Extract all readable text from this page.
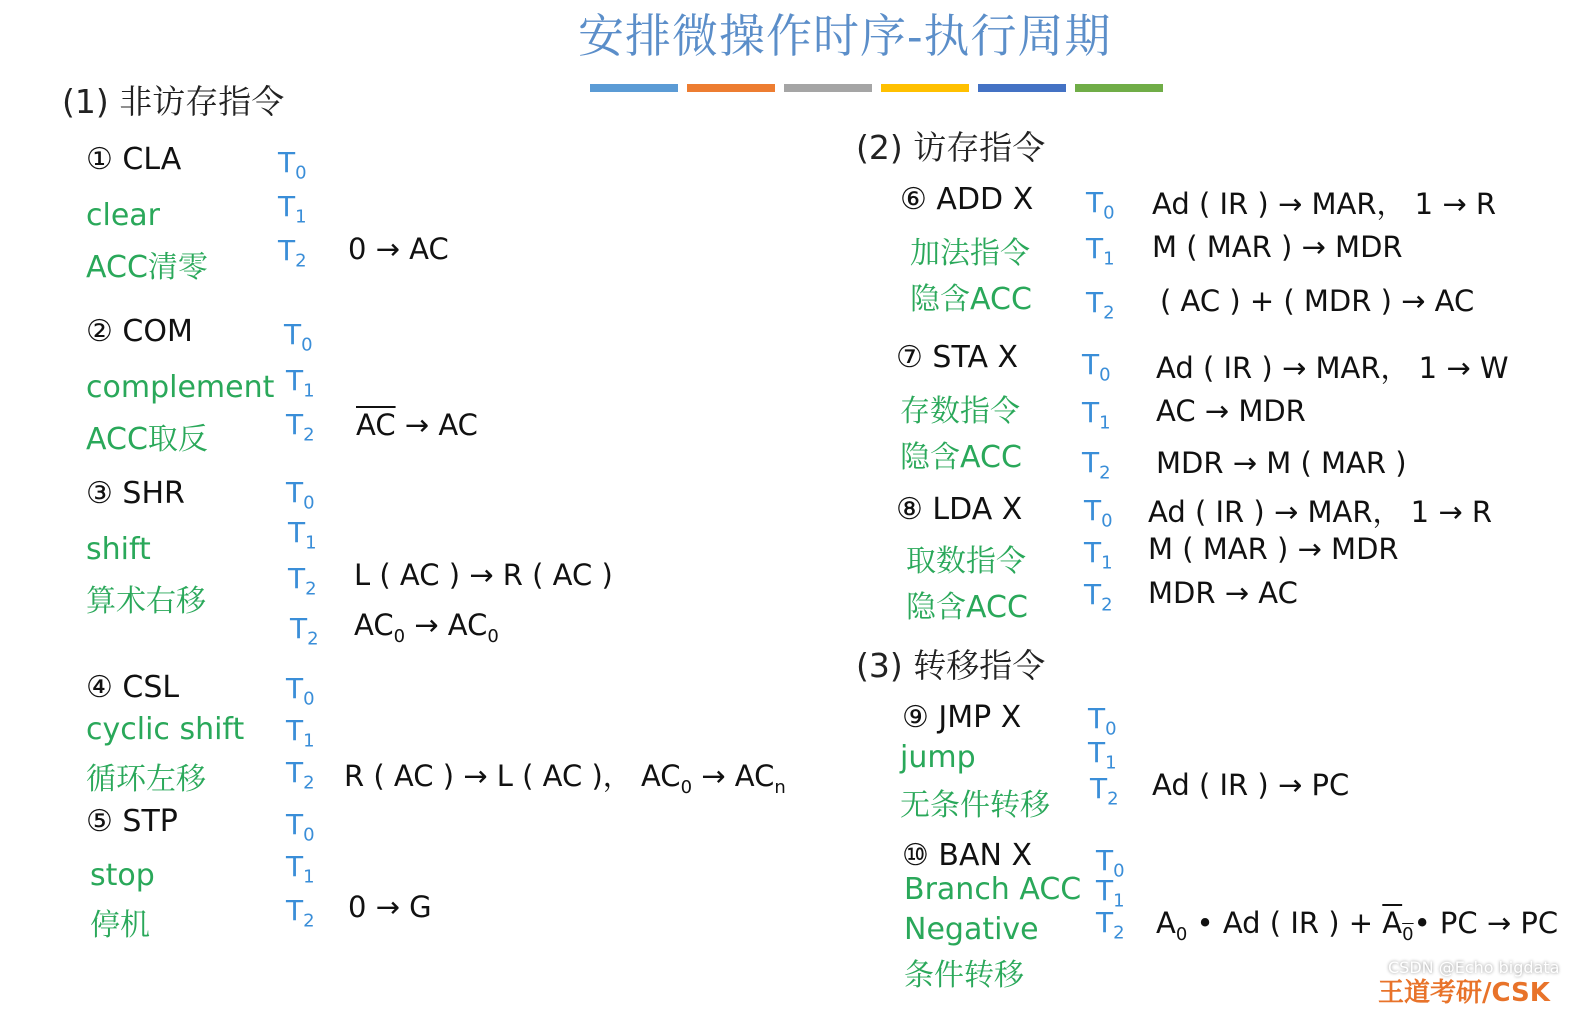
安排微操作时序-执行周期
(1) 非访存指令
① CLA
clear
ACC清零
$T_0$
$T_1$
$T_2$ 0 → AC
② COM
complement
ACC取反
$T_0$
$T_1$
$T_2$ $\overline{AC}$ → AC
③ SHR
shift
算术右移
$T_0$
$T_1$
$T_2$
$T_2$
L ( AC ) → R ( AC )
$AC_0 \to AC_0$
④ CSL
cyclic shift
循环左移
$T_0$
$T_1$
$T_2$ R ( AC ) → L ( AC )， $AC_0 \to AC_n$
⑤ STP
stop
停机
$T_0$
$T_1$
$T_2$ 0 → G
(2) 访存指令
⑥ ADD X
加法指令
隐含ACC
$T_0$
$T_1$
$T_2$
Ad ( IR ) → MAR， 1 → R
M ( MAR ) → MDR
( AC ) + ( MDR ) → AC
⑦ STA X
存数指令
隐含ACC
$T_0$
$T_1$
$T_2$
Ad ( IR ) → MAR， 1 → W
AC → MDR
MDR → M ( MAR )
⑧ LDA X
取数指令
隐含ACC
$T_0$
$T_1$
$T_2$
Ad ( IR ) → MAR， 1 → R
M ( MAR ) → MDR
MDR → AC
(3) 转移指令
⑨ JMP X
jump
无条件转移
$T_0$
$T_1$
$T_2$ Ad ( IR ) → PC
⑩ BAN X
Branch ACC
Negative
条件转移
$T_0$
$T_1$
$T_2$ $A_0$ • Ad ( IR ) + $\overline{A}_0•$ PC → PC
王道考研/CSK
CSDN @Echo bigdata
